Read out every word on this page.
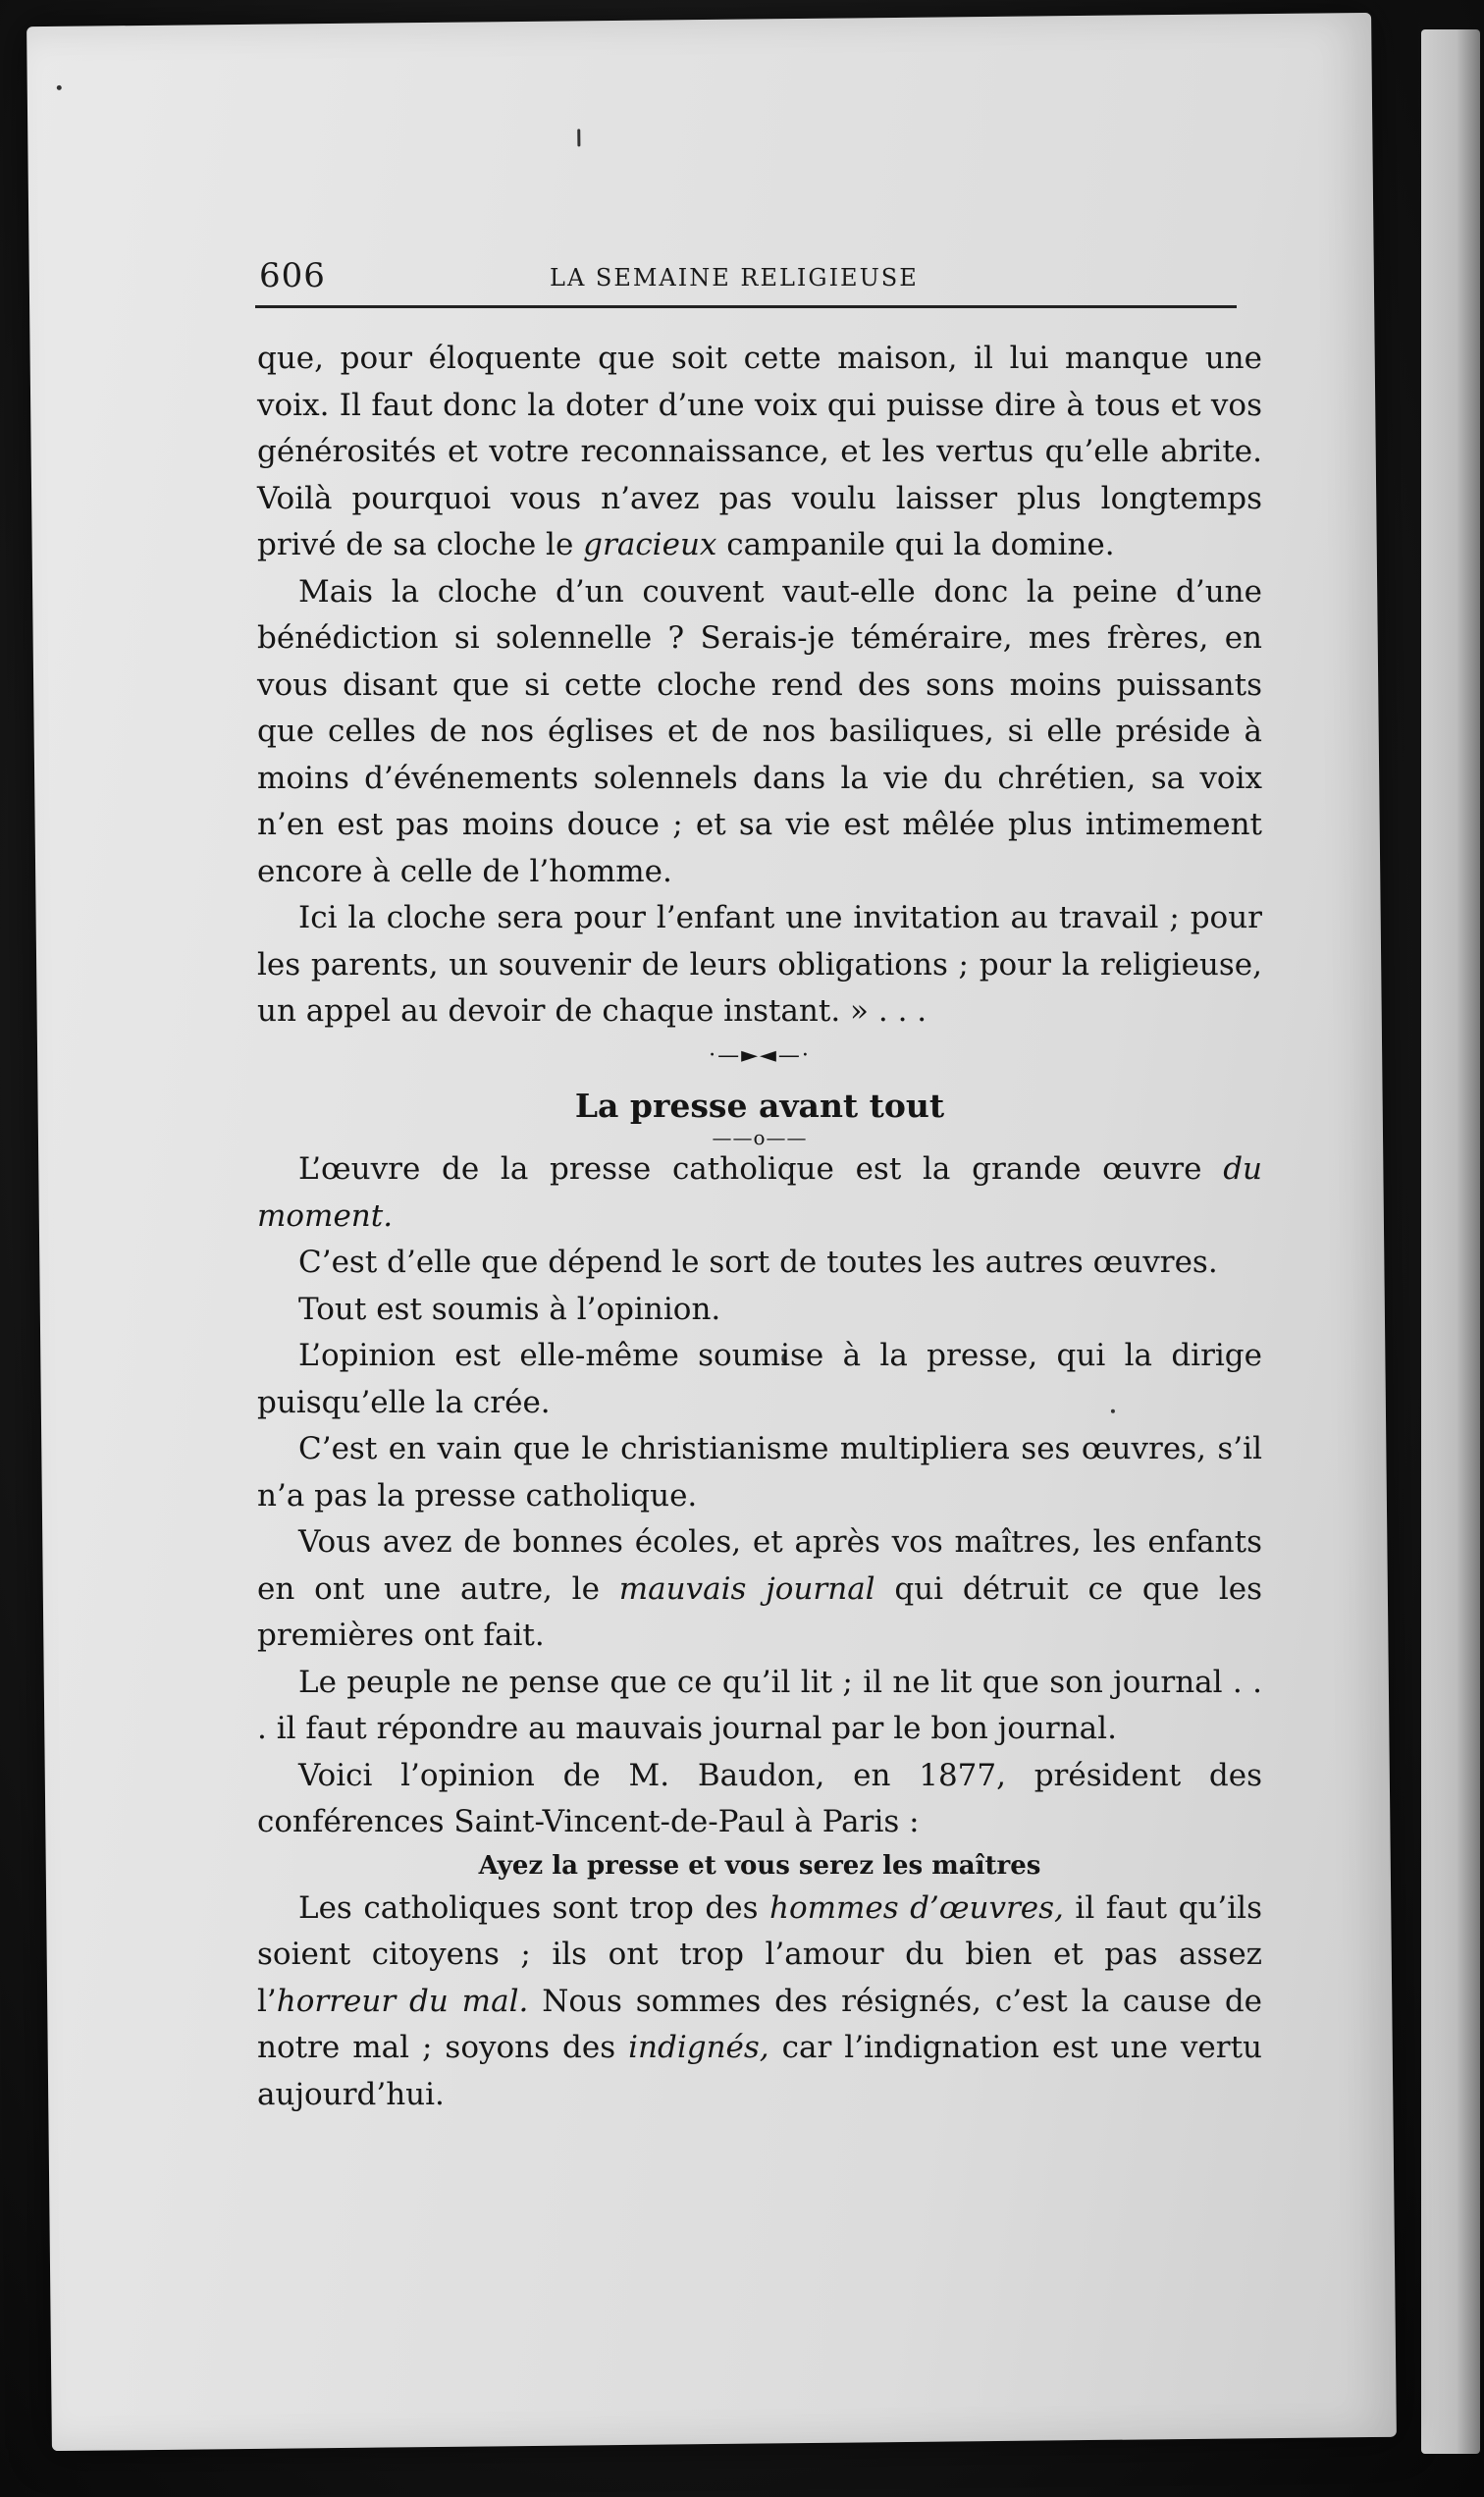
606	LA SEMAINE RELIGIEUSE

que, pour éloquente que soit cette maison, il lui manque une voix. Il faut donc la doter d’une voix qui puisse dire à tous et vos générosités et votre reconnaissance, et les vertus qu’elle abrite. Voilà pourquoi vous n’avez pas voulu laisser plus longtemps privé de sa cloche le gracieux campanile qui la domine.

Mais la cloche d’un couvent vaut-elle donc la peine d’une bénédiction si solennelle ? Serais-je téméraire, mes frères, en vous disant que si cette cloche rend des sons moins puissants que celles de nos églises et de nos basiliques, si elle préside à moins d’événements solennels dans la vie du chrétien, sa voix n’en est pas moins douce ; et sa vie est mêlée plus intimement encore à celle de l’homme.

Ici la cloche sera pour l’enfant une invitation au travail ; pour les parents, un souvenir de leurs obligations ; pour la religieuse, un appel au devoir de chaque instant. » . . .

·—►◄—·

La presse avant tout

——o——

L’œuvre de la presse catholique est la grande œuvre du moment.

C’est d’elle que dépend le sort de toutes les autres œuvres.

Tout est soumis à l’opinion.

L’opinion est elle-même soumise à la presse, qui la dirige puisqu’elle la crée.

C’est en vain que le christianisme multipliera ses œuvres, s’il n’a pas la presse catholique.

Vous avez de bonnes écoles, et après vos maîtres, les enfants en ont une autre, le mauvais journal qui détruit ce que les premières ont fait.

Le peuple ne pense que ce qu’il lit ; il ne lit que son journal . . . il faut répondre au mauvais journal par le bon journal.

Voici l’opinion de M. Baudon, en 1877, président des conférences Saint-Vincent-de-Paul à Paris :

Ayez la presse et vous serez les maîtres

Les catholiques sont trop des hommes d’œuvres, il faut qu’ils soient citoyens ; ils ont trop l’amour du bien et pas assez l’horreur du mal. Nous sommes des résignés, c’est la cause de notre mal ; soyons des indignés, car l’indignation est une vertu aujourd’hui.
